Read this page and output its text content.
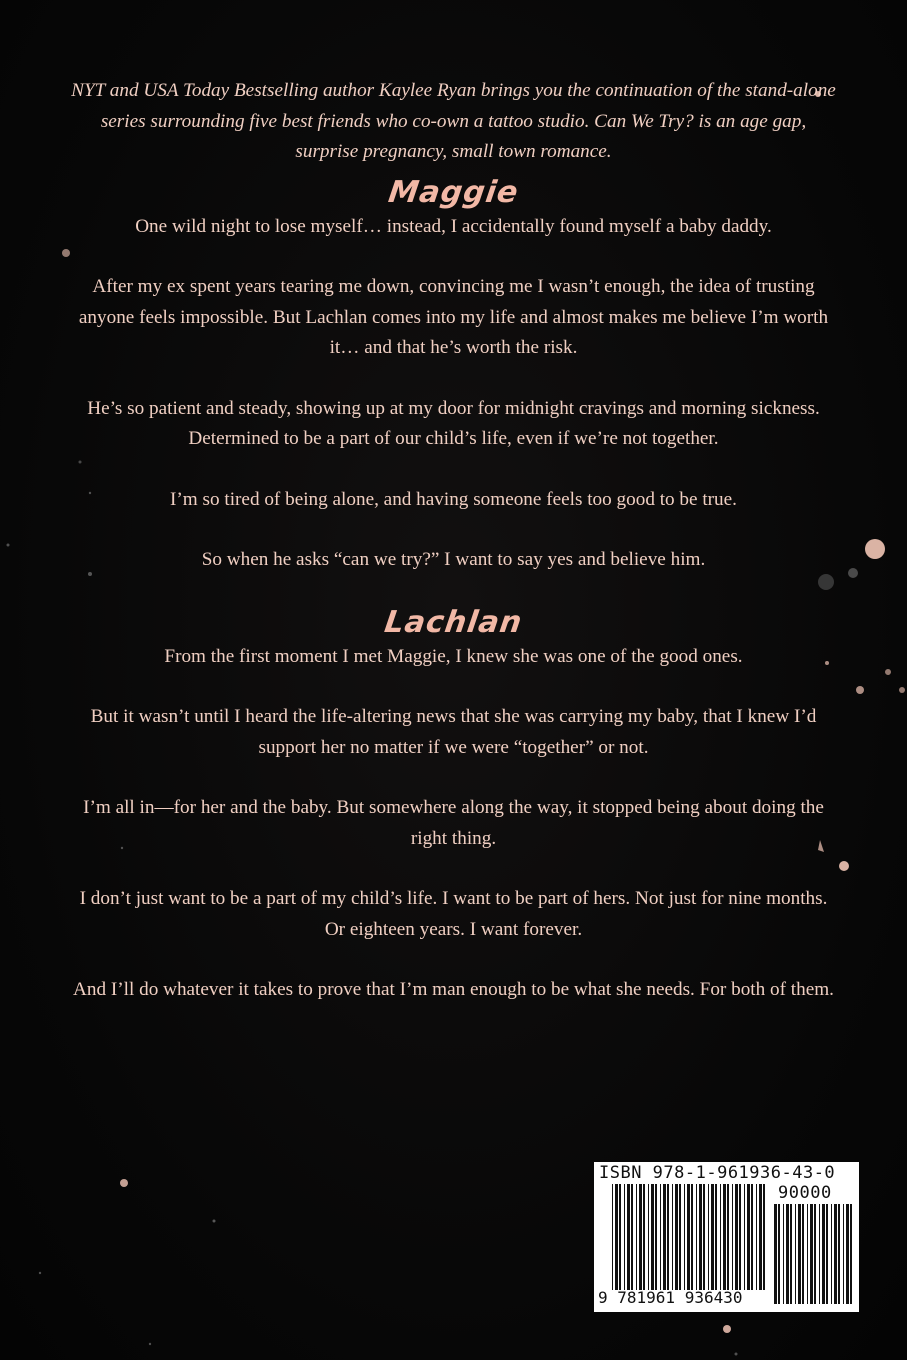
NYT and USA Today Bestselling author Kaylee Ryan brings you the continuation of the stand-alone series surrounding five best friends who co-own a tattoo studio. Can We Try? is an age gap, surprise pregnancy, small town romance.

Maggie

One wild night to lose myself… instead, I accidentally found myself a baby daddy.

After my ex spent years tearing me down, convincing me I wasn’t enough, the idea of trusting anyone feels impossible. But Lachlan comes into my life and almost makes me believe I’m worth it… and that he’s worth the risk.

He’s so patient and steady, showing up at my door for midnight cravings and morning sickness. Determined to be a part of our child’s life, even if we’re not together.

I’m so tired of being alone, and having someone feels too good to be true.

So when he asks “can we try?” I want to say yes and believe him.

Lachlan

From the first moment I met Maggie, I knew she was one of the good ones.

But it wasn’t until I heard the life-altering news that she was carrying my baby, that I knew I’d support her no matter if we were “together” or not.

I’m all in—for her and the baby. But somewhere along the way, it stopped being about doing the right thing.

I don’t just want to be a part of my child’s life. I want to be part of hers. Not just for nine months. Or eighteen years. I want forever.

And I’ll do whatever it takes to prove that I’m man enough to be what she needs. For both of them.

ISBN 978-1-961936-43-0
90000
9 781961 936430
